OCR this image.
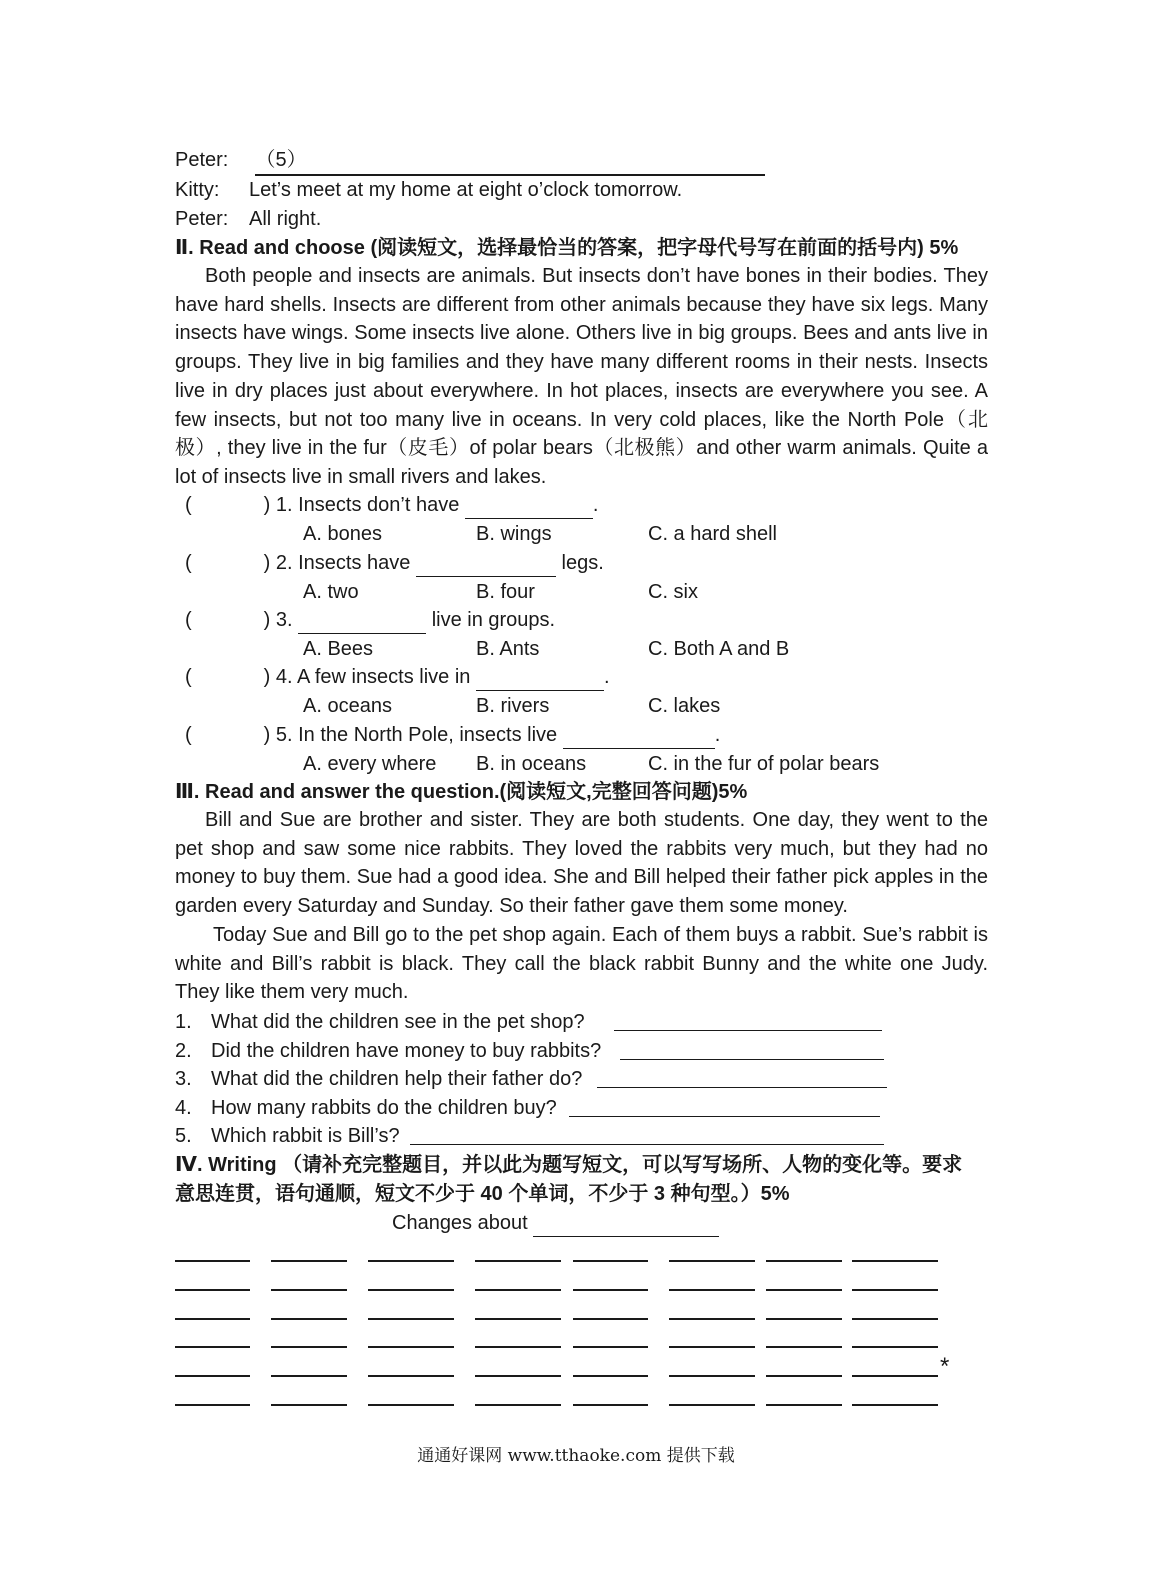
Peter: （5）
Kitty: Let’s meet at my home at eight o’clock tomorrow.
Peter: All right.
Ⅱ. Read and choose (阅读短文，选择最恰当的答案，把字母代号写在前面的括号内) 5%
Both people and insects are animals. But insects don’t have bones in their bodies. They have hard shells. Insects are different from other animals because they have six legs. Many insects have wings. Some insects live alone. Others live in big groups. Bees and ants live in groups. They live in big families and they have many different rooms in their nests. Insects live in dry places just about everywhere. In hot places, insects are everywhere you see. A few insects, but not too many live in oceans. In very cold places, like the North Pole（北极）, they live in the fur（皮毛）of polar bears（北极熊）and other warm animals. Quite a lot of insects live in small rivers and lakes.
(	) 1. Insects don’t have	.
A. bones	B. wings	C. a hard shell
(	) 2. Insects have	legs.
A. two	B. four	C. six
(	) 3.	live in groups.
A. Bees	B. Ants	C. Both A and B
(	) 4. A few insects live in	.
A. oceans	B. rivers	C. lakes
(	) 5. In the North Pole, insects live	.
A. every where B. in oceans	C. in the fur of polar bears
Ⅲ. Read and answer the question.(阅读短文,完整回答问题)5%
Bill and Sue are brother and sister. They are both students. One day, they went to the pet shop and saw some nice rabbits. They loved the rabbits very much, but they had no money to buy them. Sue had a good idea. She and Bill helped their father pick apples in the garden every Saturday and Sunday. So their father gave them some money.
Today Sue and Bill go to the pet shop again. Each of them buys a rabbit. Sue’s rabbit is white and Bill’s rabbit is black. They call the black rabbit Bunny and the white one Judy. They like them very much.
1. What did the children see in the pet shop?
2. Did the children have money to buy rabbits?
3. What did the children help their father do?
4. How many rabbits do the children buy?
5. Which rabbit is Bill’s?
Ⅳ. Writing （请补充完整题目，并以此为题写短文，可以写写场所、人物的变化等。要求
意思连贯，语句通顺，短文不少于 40 个单词，不少于 3 种句型。）5%
Changes about
*
通通好课网 www.tthaoke.com 提供下载
